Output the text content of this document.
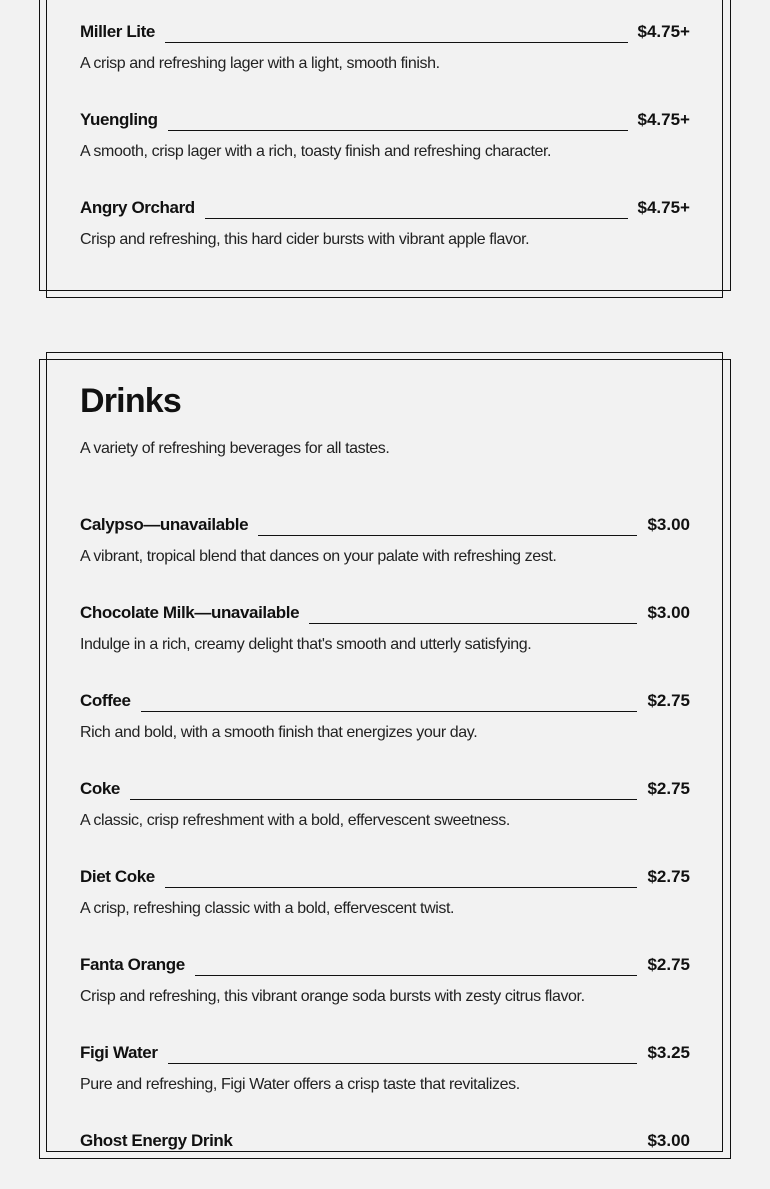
Miller Lite	$4.75+
A crisp and refreshing lager with a light, smooth finish.
Yuengling	$4.75+
A smooth, crisp lager with a rich, toasty finish and refreshing character.
Angry Orchard	$4.75+
Crisp and refreshing, this hard cider bursts with vibrant apple flavor.
Drinks
A variety of refreshing beverages for all tastes.
Calypso—unavailable	$3.00
A vibrant, tropical blend that dances on your palate with refreshing zest.
Chocolate Milk—unavailable	$3.00
Indulge in a rich, creamy delight that's smooth and utterly satisfying.
Coffee	$2.75
Rich and bold, with a smooth finish that energizes your day.
Coke	$2.75
A classic, crisp refreshment with a bold, effervescent sweetness.
Diet Coke	$2.75
A crisp, refreshing classic with a bold, effervescent twist.
Fanta Orange	$2.75
Crisp and refreshing, this vibrant orange soda bursts with zesty citrus flavor.
Figi Water	$3.25
Pure and refreshing, Figi Water offers a crisp taste that revitalizes.
Ghost Energy Drink	$3.00
